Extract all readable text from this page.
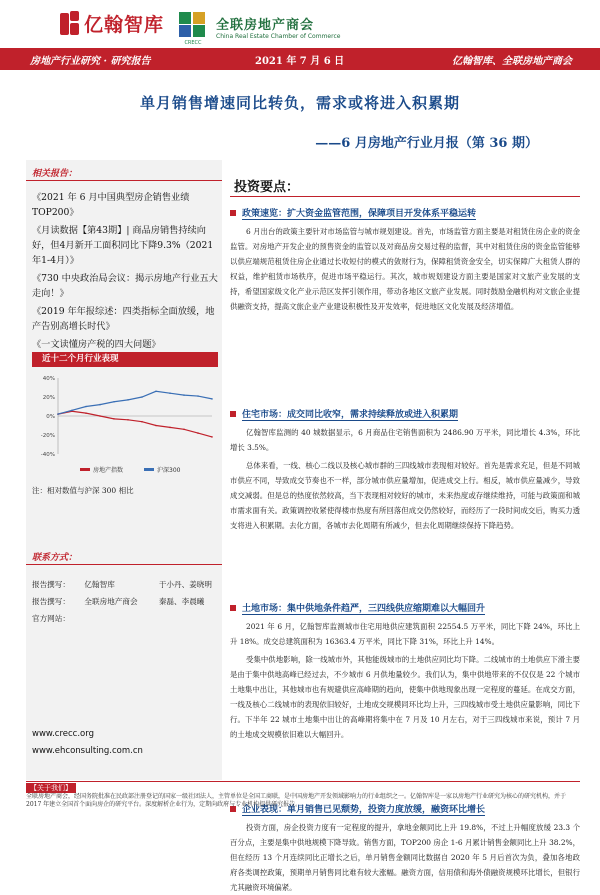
亿翰智库
CRECC
全联房地产商会
China Real Estate Chamber of Commerce
房地产行业研究 · 研究报告	2021 年 7 月 6 日	亿翰智库、全联房地产商会
单月销售增速同比转负，需求或将进入积累期
——6 月房地产行业月报（第 36 期）
相关报告：
《2021 年 6 月中国典型房企销售业绩 TOP200》
《月读数据【第43期】| 商品房销售持续向好，但4月新开工面积同比下降9.3%（2021年1-4月）》
《730 中央政治局会议：揭示房地产行业五大走向！》
《2019 年年报综述：四类指标全面放缓，地产告别高增长时代》
《一文读懂房产税的四大问题》
近十二个月行业表现
-40%
-20%
0%
20%
40%
房地产指数	沪深300
注：相对数值与沪深 300 相比
联系方式：
报告撰写： 亿翰智库	于小丹、姜晓明
报告撰写： 全联房地产商会	秦磊、李晨曦
官方网站：
www.crecc.org
www.ehconsulting.com.cn
投资要点：
政策速览：扩大资金监管范围，保障项目开发体系平稳运转

6 月出台的政策主要针对市场监管与城市规划建设。首先，市场监管方面主要是对租赁住房企业的资金监管。对房地产开发企业的预售资金的监管以及对商品房交易过程的监督，其中对租赁住房的资金监管能够以供应端规范租赁住房企业通过长收短付的模式的敛财行为，保障租赁资金安全，切实保障广大租赁人群的权益，维护租赁市场秩序，促进市场平稳运行。其次，城市规划建设方面主要是国家对文旅产业发展的支持，希望国家级文化产业示范区发挥引领作用，带动各地区文旅产业发展。同时鼓励金融机构对文旅企业提供融资支持，提高文旅企业产业建设积极性及开发效率，促进地区文化发展及经济增值。

住宅市场：成交同比收窄，需求持续释放或进入积累期

亿翰智库监测的 40 城数据显示，6 月商品住宅销售面积为 2486.90 万平米，同比增长 4.3%，环比增长 3.5%。

总体来看，一线、核心二线以及核心城市群的三四线城市表现相对较好。首先是需求充足，但是不同城市供应不同，导致成交节奏也不一样，部分城市供应量增加，促进成交上行。相反，城市供应量减少，导致成交减弱。但是总的热度依然较高，当下表现相对较好的城市，未来热度或存继续维持，可能与政策面和城市需求面有关。政策调控收紧使得楼市热度有所回落但成交仍然较好，而经历了一段时间成交后，购买力透支将进入积累期。去化方面，各城市去化周期有所减少，但去化周期继续保持下降趋势。

土地市场：集中供地条件趋严，三四线供应缩期难以大幅回升

2021 年 6 月，亿翰智库监测城市住宅用地供应建筑面积 22554.5 万平米，同比下降 24%，环比上升 18%。成交总建筑面积为 16363.4 万平米，同比下降 31%，环比上升 14%。

受集中供地影响，除一线城市外，其他能级城市的土地供应同比均下降。二线城市的土地供应下滑主要是由于集中供地高峰已经过去，不少城市 6 月供地量较少。我们认为，集中供地带来的不仅仅是 22 个城市土地集中出让，其他城市也有规避供应高峰期的趋向，使集中供地现象出现一定程度的蔓延。在成交方面，一线及核心二线城市的表现依旧较好，土地成交规模同环比均上升，三四线城市受土地供应量影响，同比下行。下半年 22 城市土地集中出让的高峰期将集中在 7 月及 10 月左右，对于三四线城市来说，预计 7 月的土地成交规模依旧难以大幅回升。

企业表现：单月销售已见颓势，投资力度放缓，融资环比增长

投资方面，房企投资力度有一定程度的提升，拿地金额同比上升 19.8%，不过上升幅度放缓 23.3 个百分点，主要是集中供地规模下降导致。销售方面，TOP200 房企 1-6 月累计销售金额同比上升 38.2%，但在经历 13 个月连续同比正增长之后，单月销售金额同比数据自 2020 年 5 月后首次为负，叠加各地政府各类调控政策，预期单月销售同比难有较大涨幅。融资方面，信用债和海外债融资规模环比增长，但银行尤其融资环境偏紧。

【关于我们】
全联房地产商会，经国务院批准在民政部注册登记的国家一级社团法人，主管单位是全国工商联，是中国房地产开发领域影响力的行业组织之一。亿翰智库是一家以房地产行业研究为核心的研究机构，并于 2017 年建立全国首个面向房企的研究平台。深度解析企业行为，定期向政府与专业机构提供研究报告。
